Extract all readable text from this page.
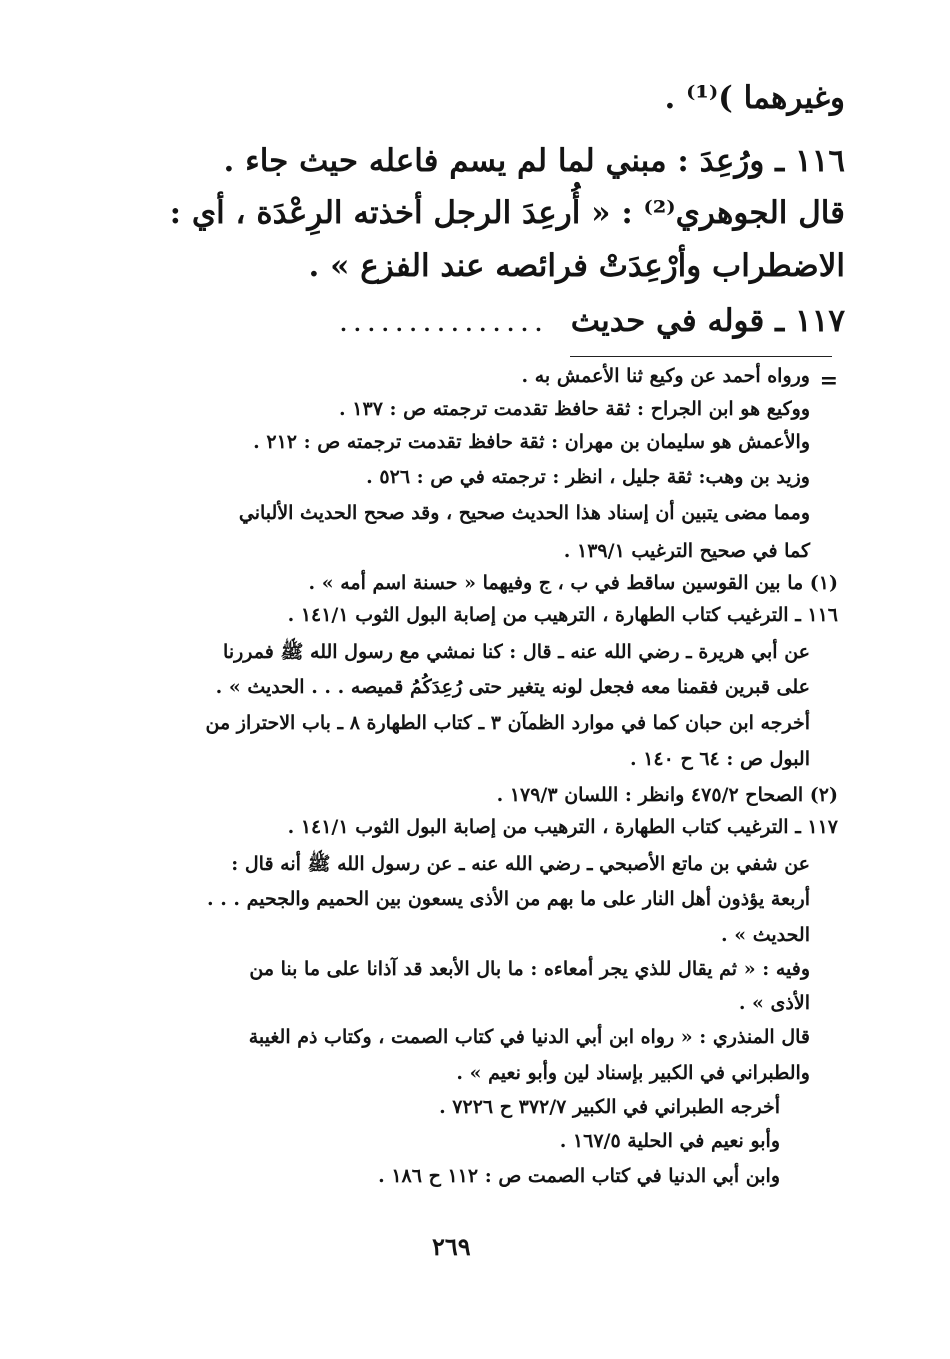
وغيرهما )⁽¹⁾ .
١١٦ ـ ورُعِدَ : مبني لما لم يسم فاعله حيث جاء .
قال الجوهري⁽²⁾ : « أُرعِدَ الرجل أخذته الرِعْدَة ، أي :
الاضطراب وأرْعِدَتْ فرائصه عند الفزع » .
١١٧ ـ قوله في حديث . . . . . . . . . . . . . . .
=
ورواه أحمد عن وكيع ثنا الأعمش به .
ووكيع هو ابن الجراح : ثقة حافظ تقدمت ترجمته ص : ١٣٧ .
والأعمش هو سليمان بن مهران : ثقة حافظ تقدمت ترجمته ص : ٢١٢ .
وزيد بن وهب: ثقة جليل ، انظر : ترجمته في ص : ٥٢٦ .
ومما مضى يتبين أن إسناد هذا الحديث صحيح ، وقد صحح الحديث الألباني
كما في صحيح الترغيب ١٣٩/١ .
(١) ما بين القوسين ساقط في ب ، ج وفيهما « حسنة اسم أمه » .
١١٦ ـ الترغيب كتاب الطهارة ، الترهيب من إصابة البول الثوب ١٤١/١ .
عن أبي هريرة ـ رضي الله عنه ـ قال : كنا نمشي مع رسول الله ﷺ فمررنا
على قبرين فقمنا معه فجعل لونه يتغير حتى رُعِدَكُمُ قميصه . . . الحديث » .
أخرجه ابن حبان كما في موارد الظمآن ٣ ـ كتاب الطهارة ٨ ـ باب الاحتراز من
البول ص : ٦٤ ح ١٤٠ .
(٢) الصحاح ٤٧٥/٢ وانظر : اللسان ١٧٩/٣ .
١١٧ ـ الترغيب كتاب الطهارة ، الترهيب من إصابة البول الثوب ١٤١/١ .
عن شفي بن ماتع الأصبحي ـ رضي الله عنه ـ عن رسول الله ﷺ أنه قال :
أربعة يؤذون أهل النار على ما بهم من الأذى يسعون بين الحميم والجحيم . . .
الحديث » .
وفيه : « ثم يقال للذي يجر أمعاءه : ما بال الأبعد قد آذانا على ما بنا من
الأذى » .
قال المنذري : « رواه ابن أبي الدنيا في كتاب الصمت ، وكتاب ذم الغيبة
والطبراني في الكبير بإسناد لين وأبو نعيم » .
أخرجه الطبراني في الكبير ٣٧٢/٧ ح ٧٢٢٦ .
وأبو نعيم في الحلية ١٦٧/٥ .
وابن أبي الدنيا في كتاب الصمت ص : ١١٢ ح ١٨٦ .
٢٦٩
